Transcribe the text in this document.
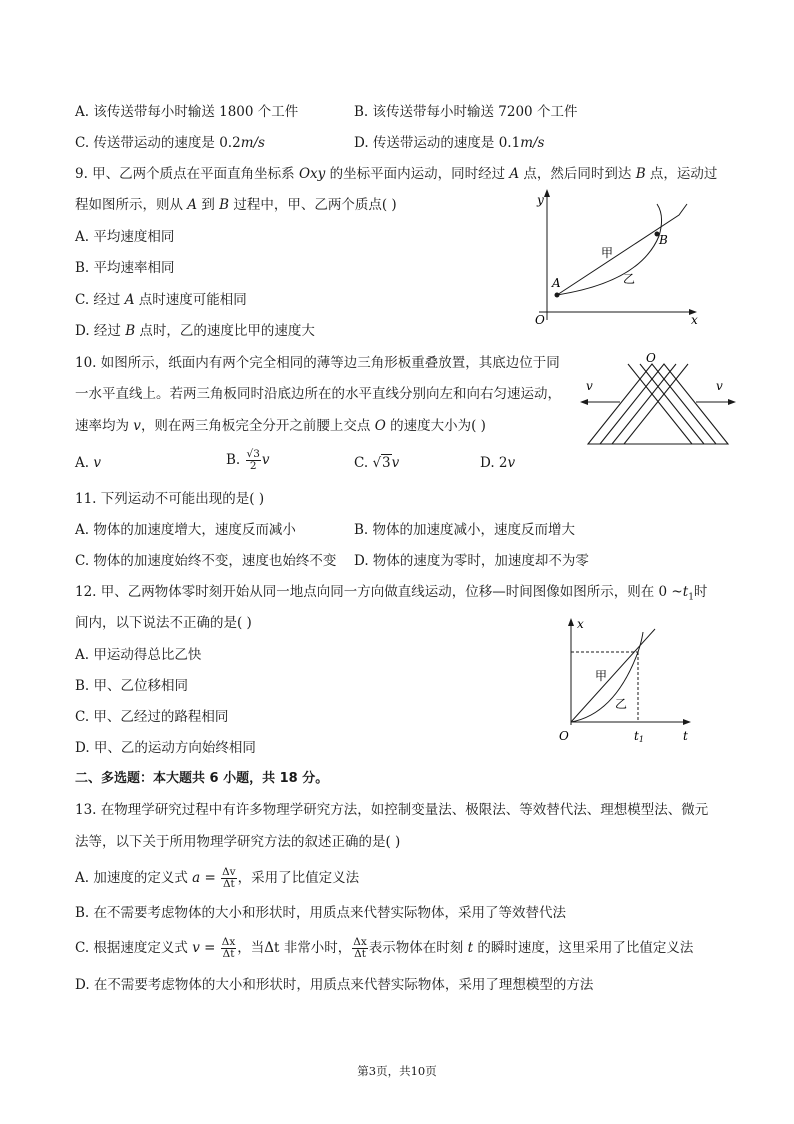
A. 该传送带每小时输送 1800 个工件	B. 该传送带每小时输送 7200 个工件
C. 传送带运动的速度是 0.2m/s	D. 传送带运动的速度是 0.1m/s
9. 甲、乙两个质点在平面直角坐标系 Oxy 的坐标平面内运动，同时经过 A 点，然后同时到达 B 点，运动过
程如图所示，则从 A 到 B 过程中，甲、乙两个质点( )
A. 平均速度相同
B. 平均速率相同
C. 经过 A 点时速度可能相同
D. 经过 B 点时，乙的速度比甲的速度大
y
x
O
A
B
甲
乙
10. 如图所示，纸面内有两个完全相同的薄等边三角形板重叠放置，其底边位于同
一水平直线上。若两三角板同时沿底边所在的水平直线分别向左和向右匀速运动，
速率均为 v，则在两三角板完全分开之前腰上交点 O 的速度大小为( )
A. v	B. $\frac{√3}{2}$ v	C. √3v	D. 2v
O
v	v
11. 下列运动不可能出现的是( )
A. 物体的加速度增大，速度反而减小	B. 物体的加速度减小，速度反而增大
C. 物体的加速度始终不变，速度也始终不变 D. 物体的速度为零时，加速度却不为零
12. 甲、乙两物体零时刻开始从同一地点向同一方向做直线运动，位移—时间图像如图所示，则在 0 $\sim t_1$时
间内，以下说法不正确的是( )
A. 甲运动得总比乙快
B. 甲、乙位移相同
C. 甲、乙经过的路程相同
D. 甲、乙的运动方向始终相同
x
t
O
甲
乙
t1
二、多选题：本大题共 6 小题，共 18 分。
13. 在物理学研究过程中有许多物理学研究方法，如控制变量法、极限法、等效替代法、理想模型法、微元
法等，以下关于所用物理学研究方法的叙述正确的是( )
A. 加速度的定义式 $a = \frac{\Delta v}{\Delta t}$ ，采用了比值定义法
B. 在不需要考虑物体的大小和形状时，用质点来代替实际物体，采用了等效替代法
C. 根据速度定义式 $v = \frac{\Delta x}{\Delta t}$ ，当Δt 非常小时， $\frac{\Delta x}{\Delta t}$ 表示物体在时刻 t 的瞬时速度，这里采用了比值定义法
D. 在不需要考虑物体的大小和形状时，用质点来代替实际物体，采用了理想模型的方法
第3页，共10页
